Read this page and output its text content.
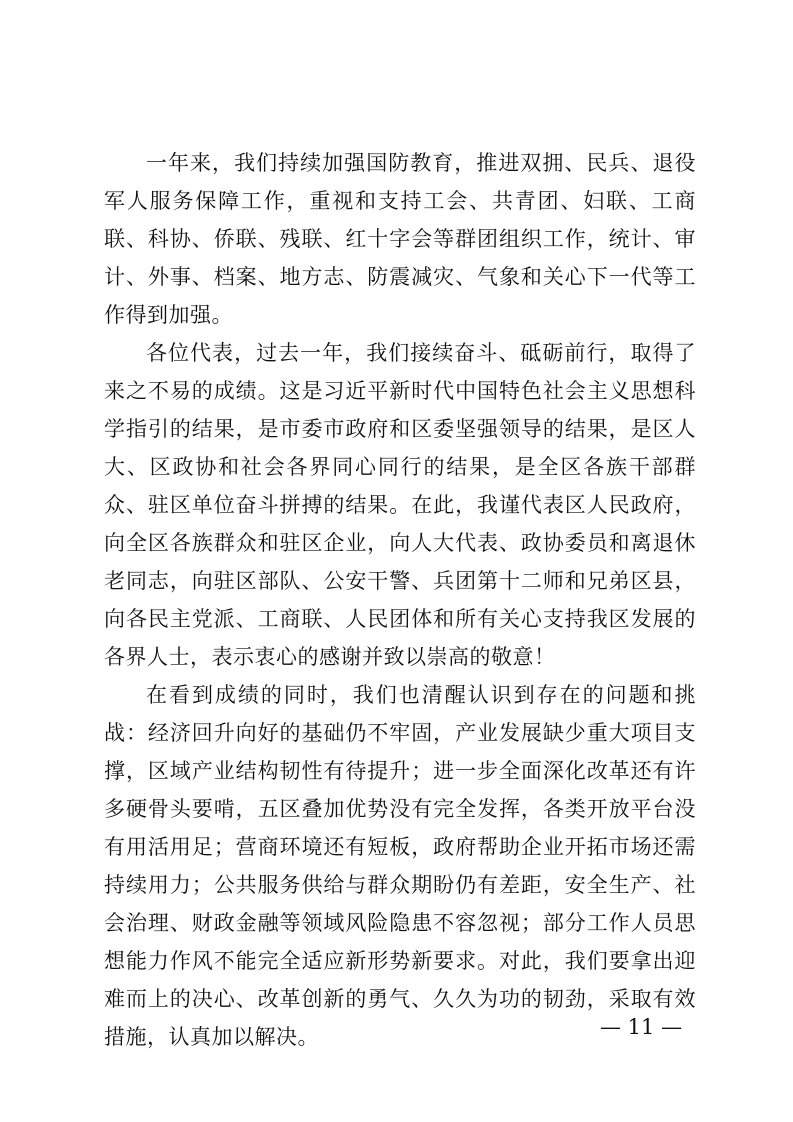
一年来，我们持续加强国防教育，推进双拥、民兵、退役军人服务保障工作，重视和支持工会、共青团、妇联、工商联、科协、侨联、残联、红十字会等群团组织工作，统计、审计、外事、档案、地方志、防震减灾、气象和关心下一代等工作得到加强。

各位代表，过去一年，我们接续奋斗、砥砺前行，取得了来之不易的成绩。这是习近平新时代中国特色社会主义思想科学指引的结果，是市委市政府和区委坚强领导的结果，是区人大、区政协和社会各界同心同行的结果，是全区各族干部群众、驻区单位奋斗拼搏的结果。在此，我谨代表区人民政府，向全区各族群众和驻区企业，向人大代表、政协委员和离退休老同志，向驻区部队、公安干警、兵团第十二师和兄弟区县，向各民主党派、工商联、人民团体和所有关心支持我区发展的各界人士，表示衷心的感谢并致以崇高的敬意！

在看到成绩的同时，我们也清醒认识到存在的问题和挑战：经济回升向好的基础仍不牢固，产业发展缺少重大项目支撑，区域产业结构韧性有待提升；进一步全面深化改革还有许多硬骨头要啃，五区叠加优势没有完全发挥，各类开放平台没有用活用足；营商环境还有短板，政府帮助企业开拓市场还需持续用力；公共服务供给与群众期盼仍有差距，安全生产、社会治理、财政金融等领域风险隐患不容忽视；部分工作人员思想能力作风不能完全适应新形势新要求。对此，我们要拿出迎难而上的决心、改革创新的勇气、久久为功的韧劲，采取有效措施，认真加以解决。	— 11 —
